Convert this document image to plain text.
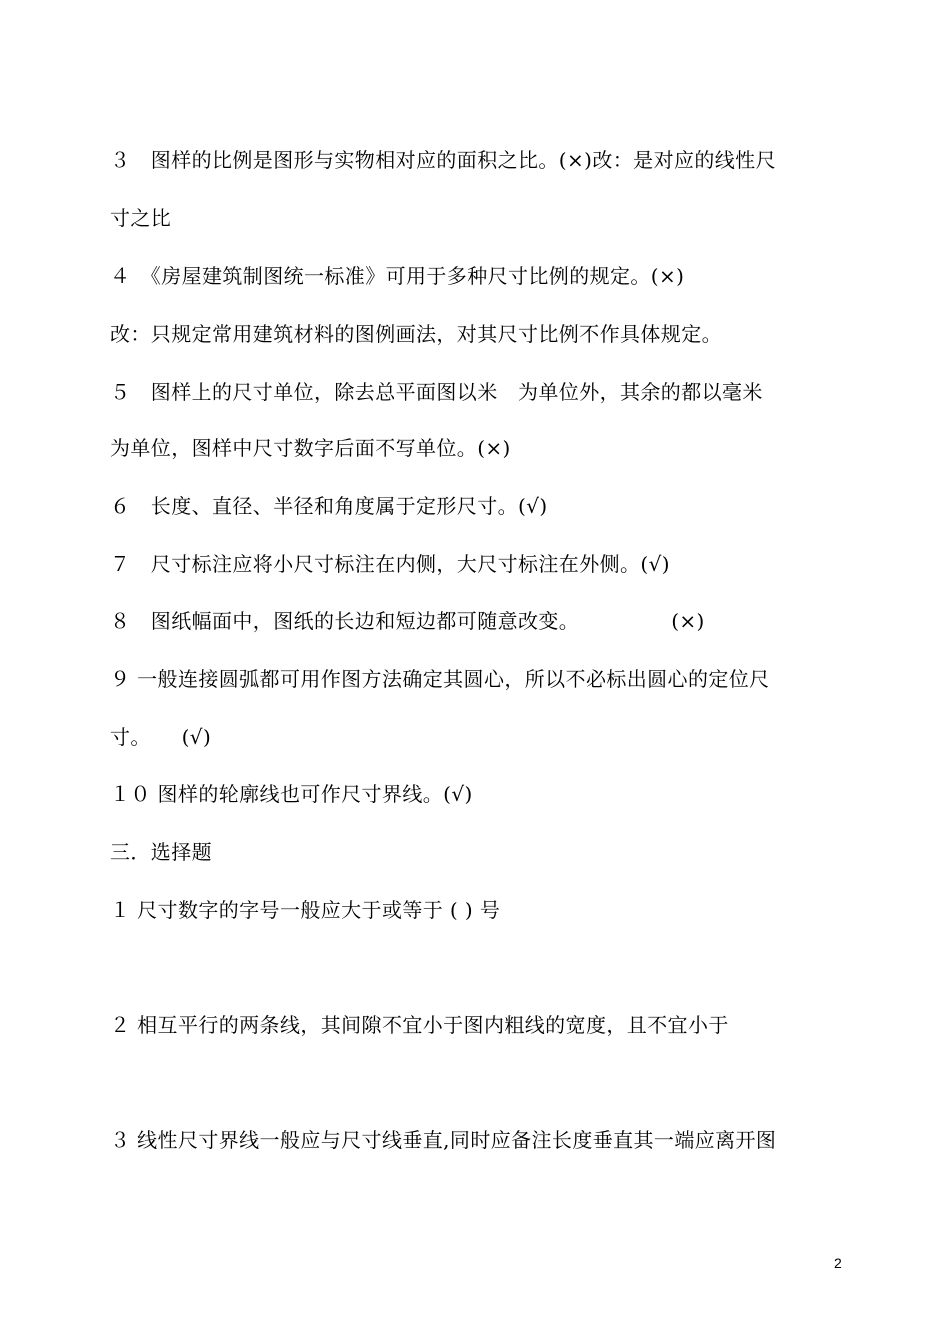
３　图样的比例是图形与实物相对应的面积之比。(×)改：是对应的线性尺
寸之比
４　《房屋建筑制图统一标准》可用于多种尺寸比例的规定。(×)
改：只规定常用建筑材料的图例画法，对其尺寸比例不作具体规定。
５　图样上的尺寸单位，除去总平面图以米　为单位外，其余的都以毫米
为单位，图样中尺寸数字后面不写单位。(×)
６　长度、直径、半径和角度属于定形尺寸。(√)
７　尺寸标注应将小尺寸标注在内侧，大尺寸标注在外侧。(√)
８　图纸幅面中，图纸的长边和短边都可随意改变。　　　　　(×)
９ 一般连接圆弧都可用作图方法确定其圆心，所以不必标出圆心的定位尺
寸。　　(√)
１０ 图样的轮廓线也可作尺寸界线。(√)
三．选择题
１ 尺寸数字的字号一般应大于或等于 ( ) 号
２ 相互平行的两条线，其间隙不宜小于图内粗线的宽度，且不宜小于
３ 线性尺寸界线一般应与尺寸线垂直,同时应备注长度垂直其一端应离开图
2
